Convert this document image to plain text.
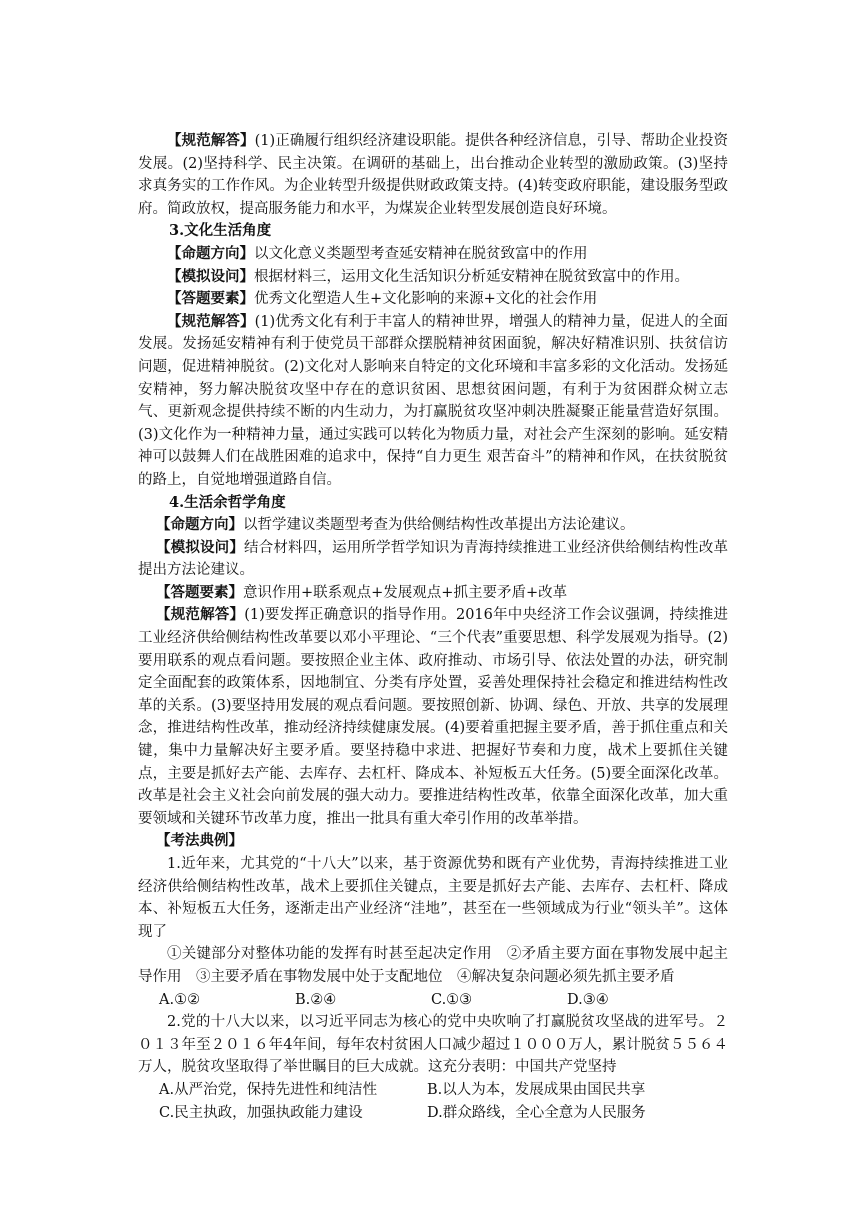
【规范解答】(1)正确履行组织经济建设职能。提供各种经济信息，引导、帮助企业投资发展。(2)坚持科学、民主决策。在调研的基础上，出台推动企业转型的激励政策。(3)坚持求真务实的工作作风。为企业转型升级提供财政政策支持。(4)转变政府职能，建设服务型政府。简政放权，提高服务能力和水平，为煤炭企业转型发展创造良好环境。

3.文化生活角度

【命题方向】以文化意义类题型考查延安精神在脱贫致富中的作用

【模拟设问】根据材料三，运用文化生活知识分析延安精神在脱贫致富中的作用。

【答题要素】优秀文化塑造人生+文化影响的来源+文化的社会作用

【规范解答】(1)优秀文化有利于丰富人的精神世界，增强人的精神力量，促进人的全面发展。发扬延安精神有利于使党员干部群众摆脱精神贫困面貌，解决好精准识别、扶贫信访问题，促进精神脱贫。(2)文化对人影响来自特定的文化环境和丰富多彩的文化活动。发扬延安精神，努力解决脱贫攻坚中存在的意识贫困、思想贫困问题，有利于为贫困群众树立志气、更新观念提供持续不断的内生动力，为打赢脱贫攻坚冲刺决胜凝聚正能量营造好氛围。(3)文化作为一种精神力量，通过实践可以转化为物质力量，对社会产生深刻的影响。延安精神可以鼓舞人们在战胜困难的追求中，保持“自力更生 艰苦奋斗”的精神和作风，在扶贫脱贫的路上，自觉地增强道路自信。

4.生活余哲学角度

【命题方向】以哲学建议类题型考查为供给侧结构性改革提出方法论建议。

【模拟设问】结合材料四，运用所学哲学知识为青海持续推进工业经济供给侧结构性改革提出方法论建议。

【答题要素】意识作用+联系观点+发展观点+抓主要矛盾+改革

【规范解答】(1)要发挥正确意识的指导作用。2016年中央经济工作会议强调，持续推进工业经济供给侧结构性改革要以邓小平理论、“三个代表”重要思想、科学发展观为指导。(2)要用联系的观点看问题。要按照企业主体、政府推动、市场引导、依法处置的办法，研究制定全面配套的政策体系，因地制宜、分类有序处置，妥善处理保持社会稳定和推进结构性改革的关系。(3)要坚持用发展的观点看问题。要按照创新、协调、绿色、开放、共享的发展理念，推进结构性改革，推动经济持续健康发展。(4)要着重把握主要矛盾，善于抓住重点和关键，集中力量解决好主要矛盾。要坚持稳中求进、把握好节奏和力度，战术上要抓住关键点，主要是抓好去产能、去库存、去杠杆、降成本、补短板五大任务。(5)要全面深化改革。改革是社会主义社会向前发展的强大动力。要推进结构性改革，依靠全面深化改革，加大重要领域和关键环节改革力度，推出一批具有重大牵引作用的改革举措。

【考法典例】

1.近年来，尤其党的“十八大”以来，基于资源优势和既有产业优势，青海持续推进工业经济供给侧结构性改革，战术上要抓住关键点，主要是抓好去产能、去库存、去杠杆、降成本、补短板五大任务，逐渐走出产业经济“洼地”，甚至在一些领域成为行业“领头羊”。这体现了

①关键部分对整体功能的发挥有时甚至起决定作用　②矛盾主要方面在事物发展中起主导作用　③主要矛盾在事物发展中处于支配地位　④解决复杂问题必须先抓主要矛盾

A.①②	B.②④	C.①③	D.③④

2.党的十八大以来，以习近平同志为核心的党中央吹响了打赢脱贫攻坚战的进军号。２０１３年至２０１６年4年间，每年农村贫困人口减少超过１０００万人，累计脱贫５５６４万人，脱贫攻坚取得了举世瞩目的巨大成就。这充分表明：中国共产党坚持

A.从严治党，保持先进性和纯洁性	B.以人为本，发展成果由国民共享
C.民主执政，加强执政能力建设	D.群众路线，全心全意为人民服务
